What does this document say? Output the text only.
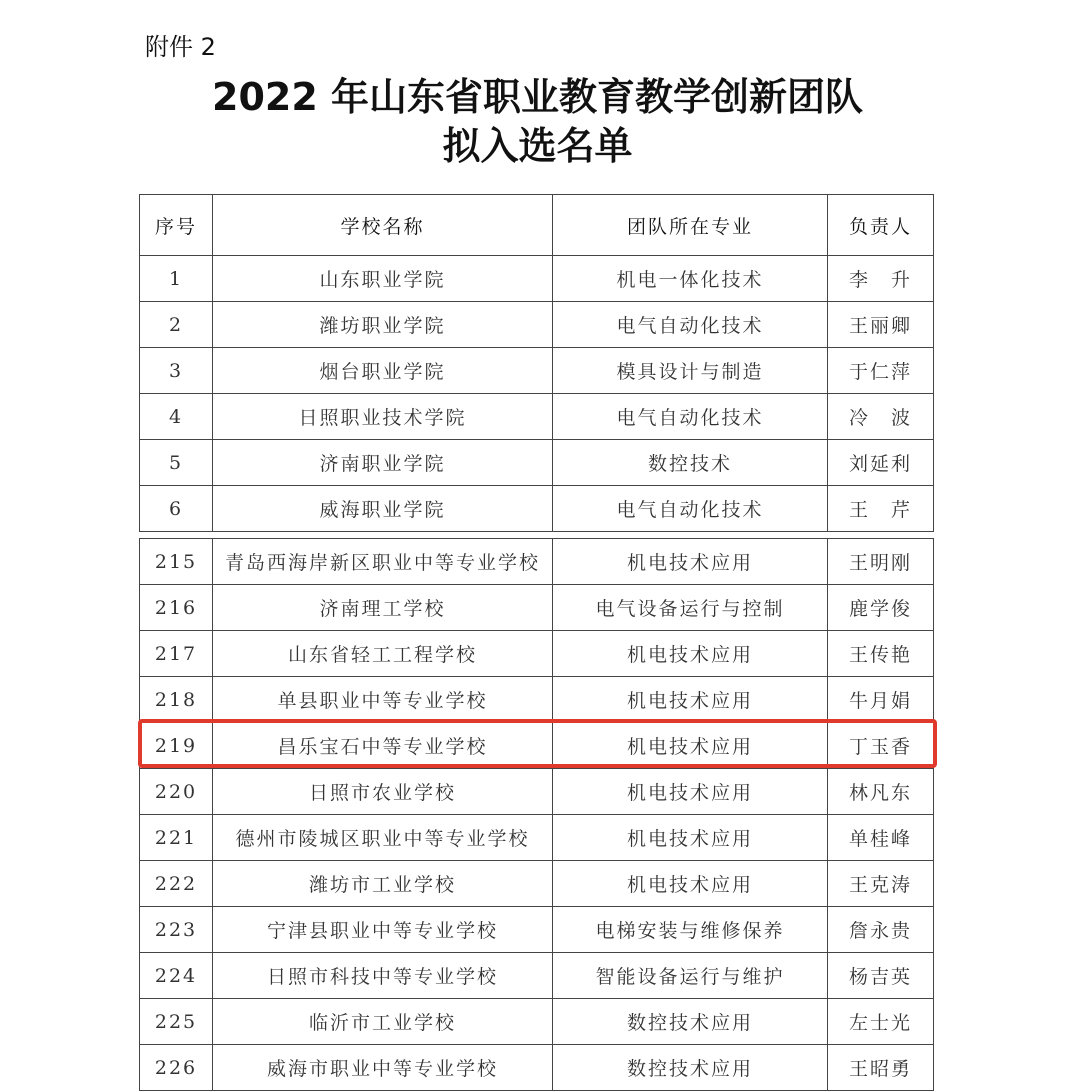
附件 2
2022 年山东省职业教育教学创新团队
拟入选名单
序号	学校名称	团队所在专业	负责人
1	山东职业学院	机电一体化技术	李　升
2	潍坊职业学院	电气自动化技术	王丽卿
3	烟台职业学院	模具设计与制造	于仁萍
4	日照职业技术学院	电气自动化技术	冷　波
5	济南职业学院	数控技术	刘延利
6	威海职业学院	电气自动化技术	王　芹
215	青岛西海岸新区职业中等专业学校	机电技术应用	王明刚
216	济南理工学校	电气设备运行与控制	鹿学俊
217	山东省轻工工程学校	机电技术应用	王传艳
218	单县职业中等专业学校	机电技术应用	牛月娟
219	昌乐宝石中等专业学校	机电技术应用	丁玉香
220	日照市农业学校	机电技术应用	林凡东
221	德州市陵城区职业中等专业学校	机电技术应用	单桂峰
222	潍坊市工业学校	机电技术应用	王克涛
223	宁津县职业中等专业学校	电梯安装与维修保养	詹永贵
224	日照市科技中等专业学校	智能设备运行与维护	杨吉英
225	临沂市工业学校	数控技术应用	左士光
226	威海市职业中等专业学校	数控技术应用	王昭勇
